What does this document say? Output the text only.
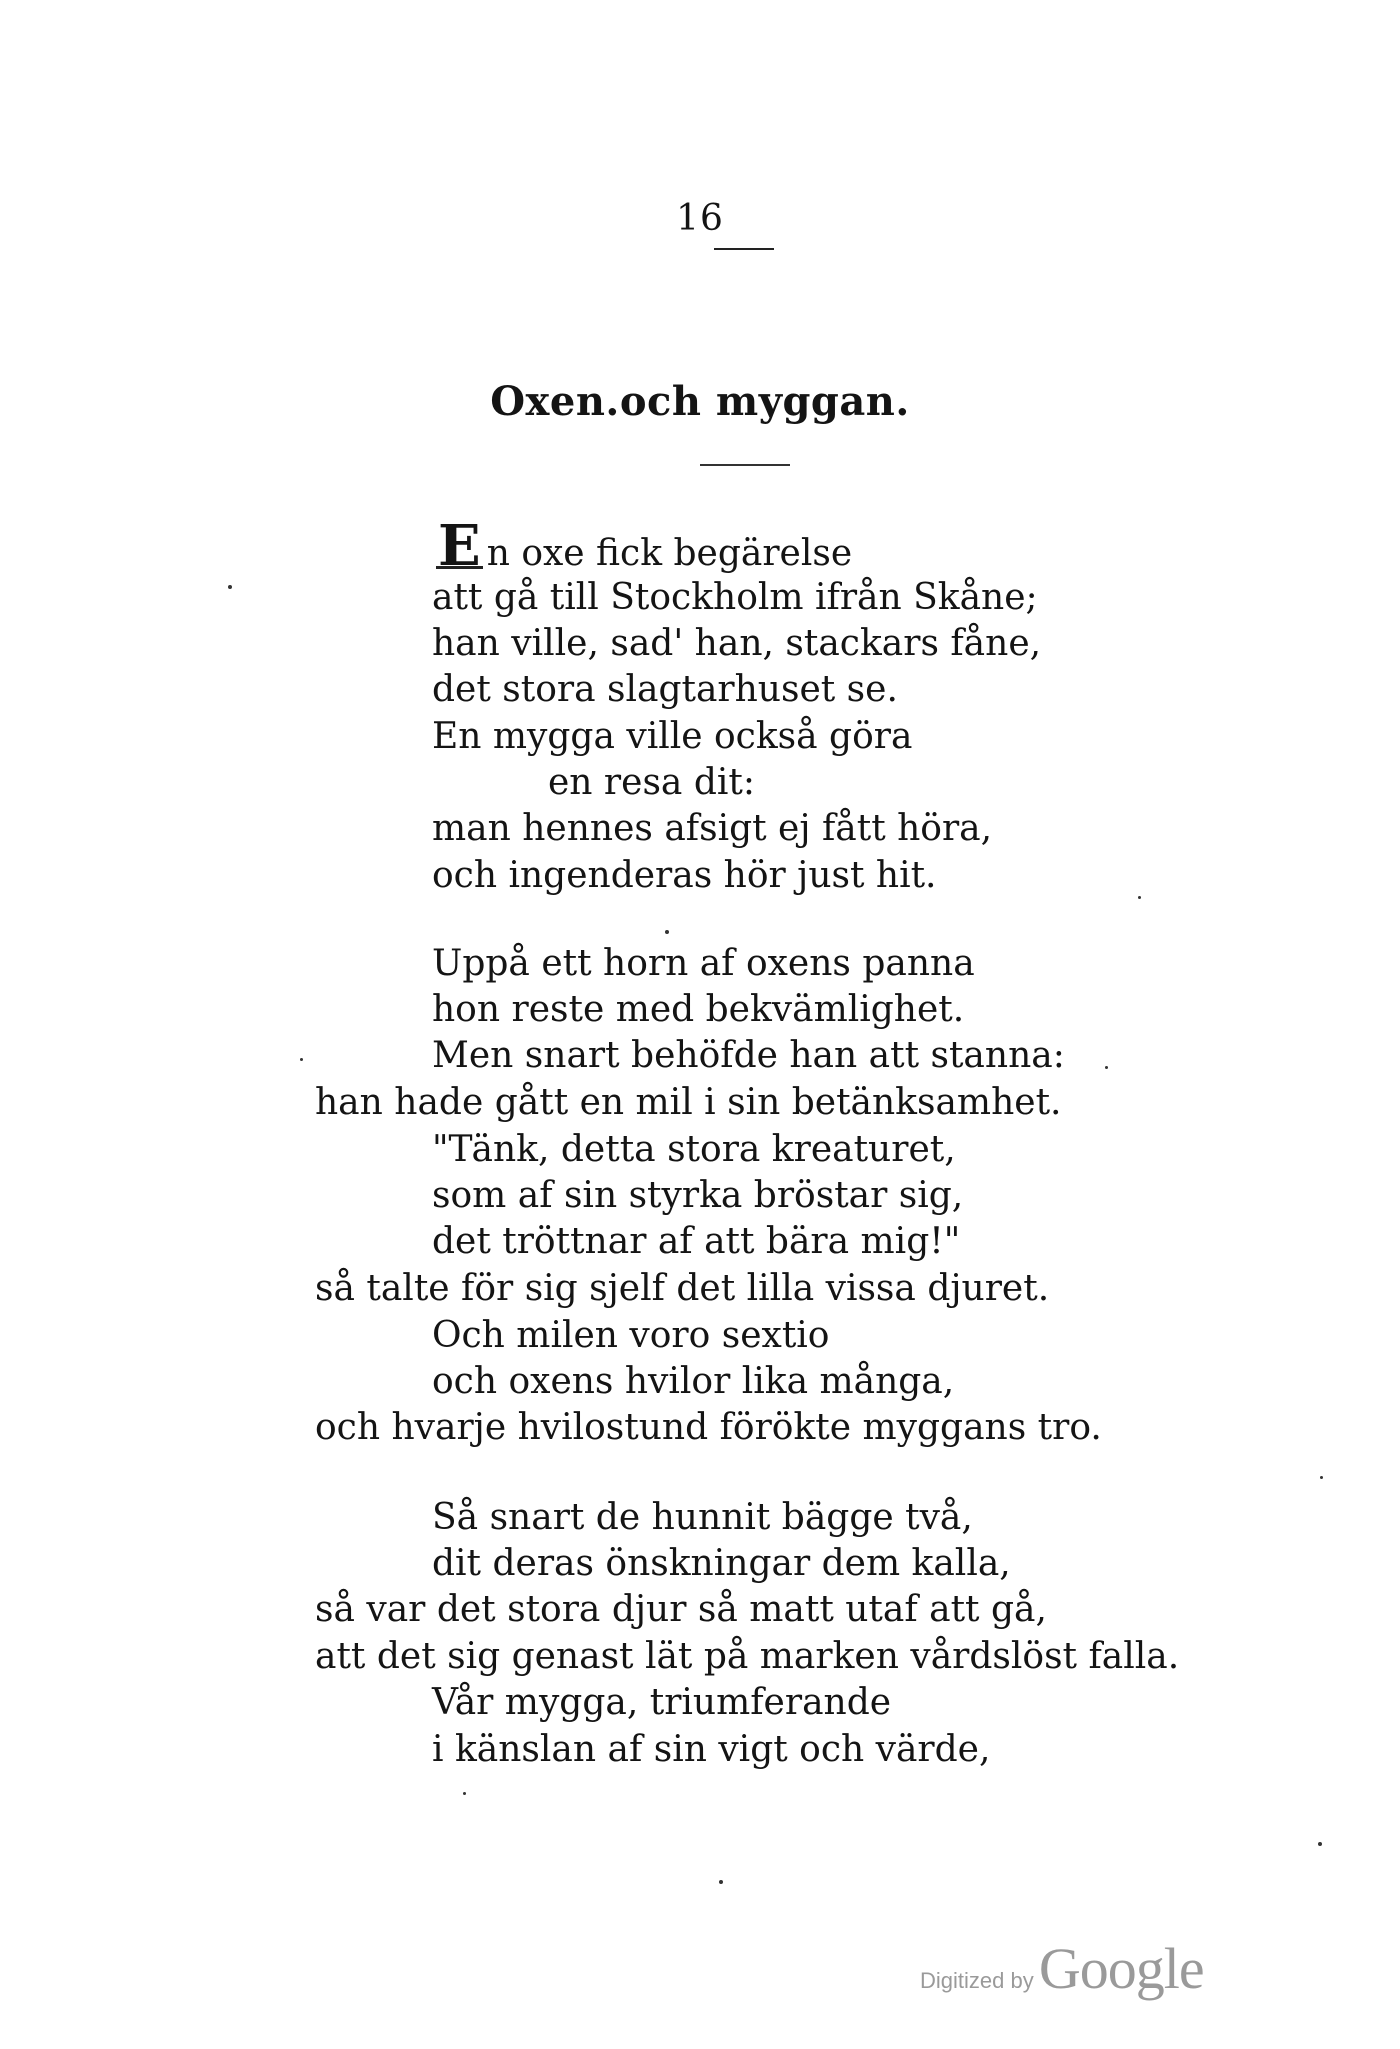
16
Oxen.och myggan.
E n oxe fick begärelse
att gå till Stockholm ifrån Skåne;
han ville, sad' han, stackars fåne,
det stora slagtarhuset se.
En mygga ville också göra
en resa dit:
man hennes afsigt ej fått höra,
och ingenderas hör just hit.
Uppå ett horn af oxens panna
hon reste med bekvämlighet.
Men snart behöfde han att stanna:
han hade gått en mil i sin betänksamhet.
"Tänk, detta stora kreaturet,
som af sin styrka bröstar sig,
det tröttnar af att bära mig!"
så talte för sig sjelf det lilla vissa djuret.
Och milen voro sextio
och oxens hvilor lika många,
och hvarje hvilostund förökte myggans tro.
Så snart de hunnit bägge två,
dit deras önskningar dem kalla,
så var det stora djur så matt utaf att gå,
att det sig genast lät på marken vårdslöst falla.
Vår mygga, triumferande
i känslan af sin vigt och värde,
Digitized by Google
